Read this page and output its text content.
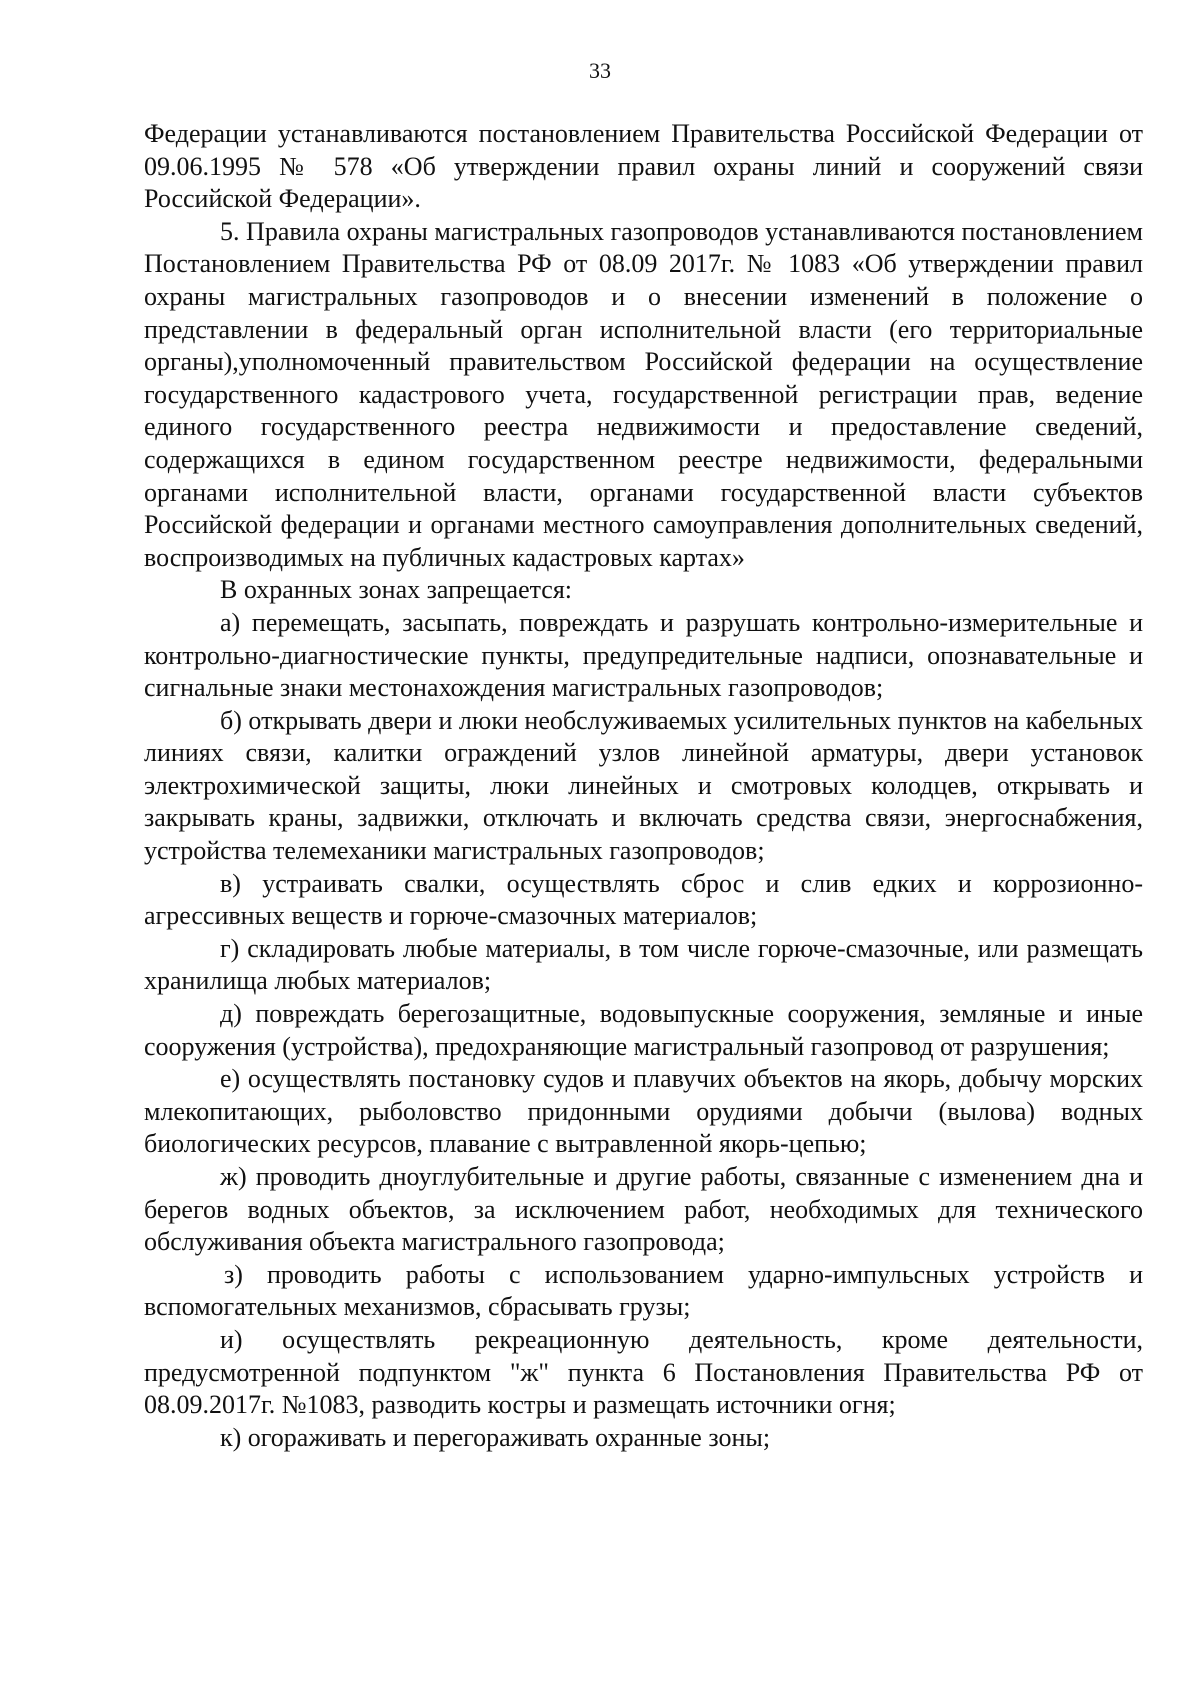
33

Федерации устанавливаются постановлением Правительства Российской Федерации от 09.06.1995 № 578 «Об утверждении правил охраны линий и сооружений связи Российской Федерации».

5. Правила охраны магистральных газопроводов устанавливаются постановлением Постановлением Правительства РФ от 08.09 2017г. № 1083 «Об утверждении правил охраны магистральных газопроводов и о внесении изменений в положение о представлении в федеральный орган исполнительной власти (его территориальные органы),уполномоченный правительством Российской федерации на осуществление государственного кадастрового учета, государственной регистрации прав, ведение единого государственного реестра недвижимости и предоставление сведений, содержащихся в едином государственном реестре недвижимости, федеральными органами исполнительной власти, органами государственной власти субъектов Российской федерации и органами местного самоуправления дополнительных сведений, воспроизводимых на публичных кадастровых картах»

В охранных зонах запрещается:

а) перемещать, засыпать, повреждать и разрушать контрольно-измерительные и контрольно-диагностические пункты, предупредительные надписи, опознавательные и сигнальные знаки местонахождения магистральных газопроводов;

б) открывать двери и люки необслуживаемых усилительных пунктов на кабельных линиях связи, калитки ограждений узлов линейной арматуры, двери установок электрохимической защиты, люки линейных и смотровых колодцев, открывать и закрывать краны, задвижки, отключать и включать средства связи, энергоснабжения, устройства телемеханики магистральных газопроводов;

в) устраивать свалки, осуществлять сброс и слив едких и коррозионно-агрессивных веществ и горюче-смазочных материалов;

г) складировать любые материалы, в том числе горюче-смазочные, или размещать хранилища любых материалов;

д) повреждать берегозащитные, водовыпускные сооружения, земляные и иные сооружения (устройства), предохраняющие магистральный газопровод от разрушения;

е) осуществлять постановку судов и плавучих объектов на якорь, добычу морских млекопитающих, рыболовство придонными орудиями добычи (вылова) водных биологических ресурсов, плавание с вытравленной якорь-цепью;

ж) проводить дноуглубительные и другие работы, связанные с изменением дна и берегов водных объектов, за исключением работ, необходимых для технического обслуживания объекта магистрального газопровода;

з) проводить работы с использованием ударно-импульсных устройств и вспомогательных механизмов, сбрасывать грузы;

и) осуществлять рекреационную деятельность, кроме деятельности, предусмотренной подпунктом "ж" пункта 6 Постановления Правительства РФ от 08.09.2017г. №1083, разводить костры и размещать источники огня;

к) огораживать и перегораживать охранные зоны;
